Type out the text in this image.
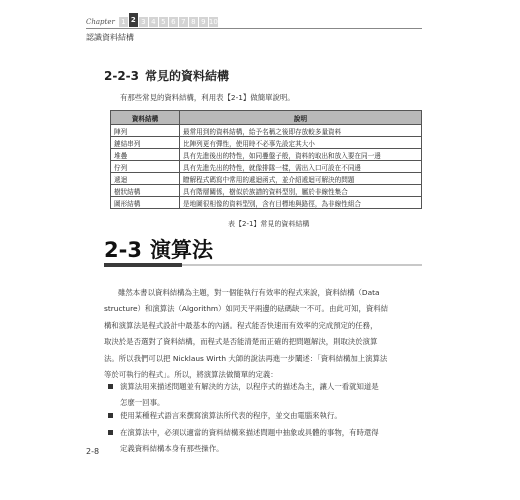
Chapter 1 2 3 4 5 6 7 8 9 10
認識資料結構
2-2-3 常見的資料結構
有那些常見的資料結構，利用表【2-1】做簡單說明。
資料結構	說明
陣列	最常用到的資料結構，給予名稱之後即存放較多量資料
鏈結串列	比陣列更有彈性，使用時不必事先設定其大小
堆疊	具有先進後出的特性，如同疊盤子般，資料的取出和放入要在同一邊
佇列	具有先進先出的特性，就像排隊一樣，需出入口可設在不同邊
遞迴	瞭解程式碼寫中常用的遞迴函式，並介紹遞迴可解決的問題
樹狀結構	具有階層關係，樹似於族譜的資料型別，屬於非線性集合
圖形結構	是地圖很相像的資料型別，含有目標地與路徑，為非線性組合
表【2-1】常見的資料結構
2-3 演算法
雖然本書以資料結構為主題，對一個能執行有效率的程式來說，資料結構（Data
structure）和演算法（Algorithm）如同天平兩邊的砝碼缺一不可。由此可知，資料結
構和演算法是程式設計中最基本的內涵。程式能否快速而有效率的完成預定的任務，
取決於是否選對了資料結構，而程式是否能清楚而正確的把問題解決，則取決於演算
法。所以我們可以把 Nicklaus Wirth 大師的說法再進一步闡述：「資料結構加上演算法
等於可執行的程式」。所以，將演算法做簡單的定義：
演算法用來描述問題並有解決的方法，以程序式的描述為主，讓人一看就知道是
怎麼一回事。
使用某種程式語言來撰寫演算法所代表的程序，並交由電腦來執行。
在演算法中，必須以適當的資料結構來描述問題中抽象或具體的事物，有時還得
定義資料結構本身有那些操作。
2-8
